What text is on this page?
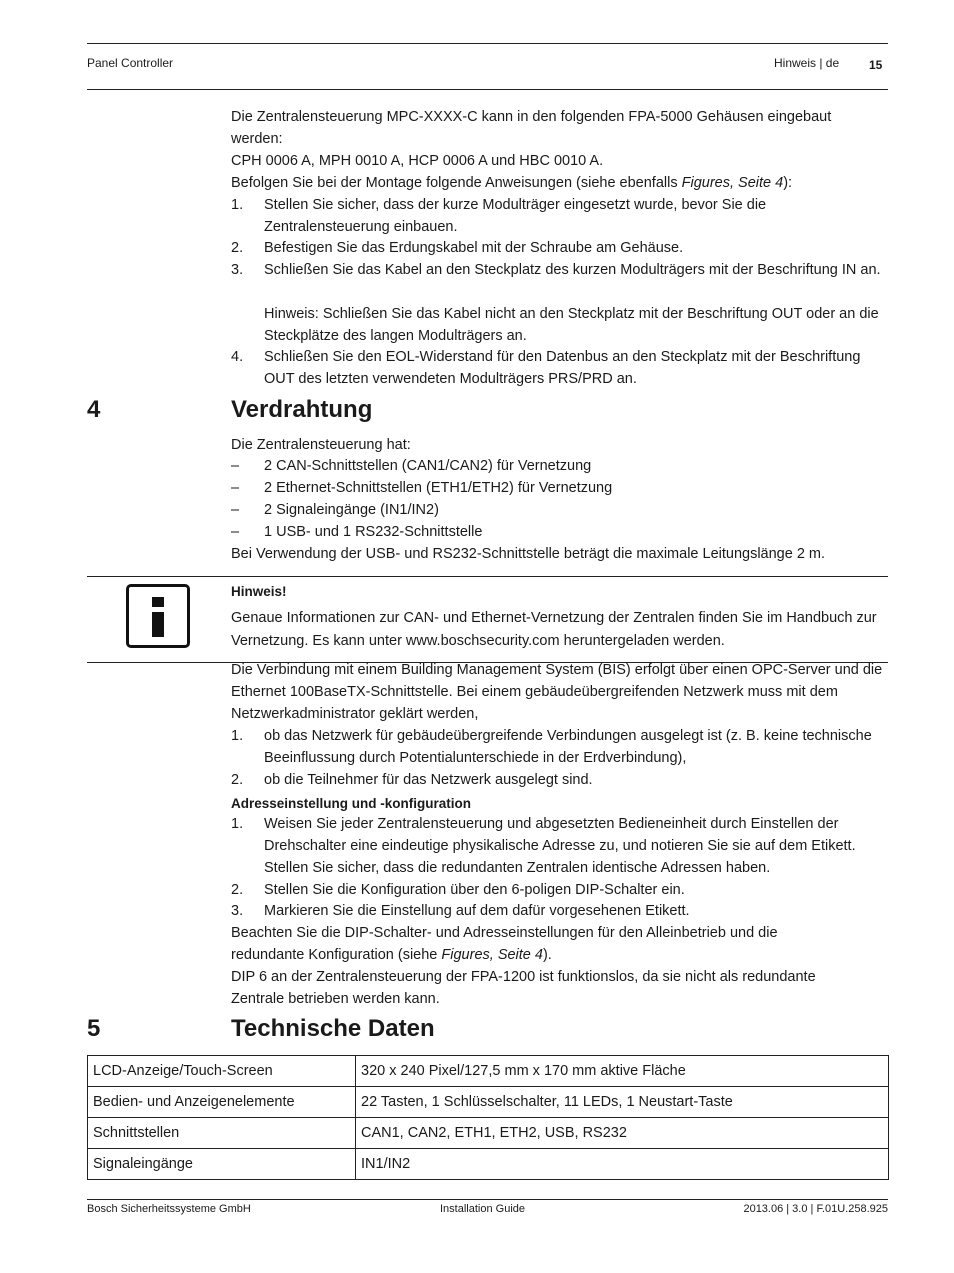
Panel Controller	Hinweis | de 15
Die Zentralensteuerung MPC-XXXX-C kann in den folgenden FPA-5000 Gehäusen eingebaut werden:
CPH 0006 A, MPH 0010 A, HCP 0006 A und HBC 0010 A.
Befolgen Sie bei der Montage folgende Anweisungen (siehe ebenfalls Figures, Seite 4):
1. Stellen Sie sicher, dass der kurze Modulträger eingesetzt wurde, bevor Sie die Zentralensteuerung einbauen.
2. Befestigen Sie das Erdungskabel mit der Schraube am Gehäuse.
3. Schließen Sie das Kabel an den Steckplatz des kurzen Modulträgers mit der Beschriftung IN an.
Hinweis: Schließen Sie das Kabel nicht an den Steckplatz mit der Beschriftung OUT oder an die Steckplätze des langen Modulträgers an.
4. Schließen Sie den EOL-Widerstand für den Datenbus an den Steckplatz mit der Beschriftung OUT des letzten verwendeten Modulträgers PRS/PRD an.
4	Verdrahtung
Die Zentralensteuerung hat:
– 2 CAN-Schnittstellen (CAN1/CAN2) für Vernetzung
– 2 Ethernet-Schnittstellen (ETH1/ETH2) für Vernetzung
– 2 Signaleingänge (IN1/IN2)
– 1 USB- und 1 RS232-Schnittstelle
Bei Verwendung der USB- und RS232-Schnittstelle beträgt die maximale Leitungslänge 2 m.
Hinweis!
Genaue Informationen zur CAN- und Ethernet-Vernetzung der Zentralen finden Sie im Handbuch zur Vernetzung. Es kann unter www.boschsecurity.com heruntergeladen werden.
Die Verbindung mit einem Building Management System (BIS) erfolgt über einen OPC-Server und die Ethernet 100BaseTX-Schnittstelle. Bei einem gebäudeübergreifenden Netzwerk muss mit dem Netzwerkadministrator geklärt werden,
1. ob das Netzwerk für gebäudeübergreifende Verbindungen ausgelegt ist (z. B. keine technische Beeinflussung durch Potentialunterschiede in der Erdverbindung),
2. ob die Teilnehmer für das Netzwerk ausgelegt sind.
Adresseinstellung und -konfiguration
1. Weisen Sie jeder Zentralensteuerung und abgesetzten Bedieneinheit durch Einstellen der Drehschalter eine eindeutige physikalische Adresse zu, und notieren Sie sie auf dem Etikett. Stellen Sie sicher, dass die redundanten Zentralen identische Adressen haben.
2. Stellen Sie die Konfiguration über den 6-poligen DIP-Schalter ein.
3. Markieren Sie die Einstellung auf dem dafür vorgesehenen Etikett.
Beachten Sie die DIP-Schalter- und Adresseinstellungen für den Alleinbetrieb und die redundante Konfiguration (siehe Figures, Seite 4).
DIP 6 an der Zentralensteuerung der FPA-1200 ist funktionslos, da sie nicht als redundante Zentrale betrieben werden kann.
5	Technische Daten
LCD-Anzeige/Touch-Screen	320 x 240 Pixel/127,5 mm x 170 mm aktive Fläche
Bedien- und Anzeigenelemente	22 Tasten, 1 Schlüsselschalter, 11 LEDs, 1 Neustart-Taste
Schnittstellen	CAN1, CAN2, ETH1, ETH2, USB, RS232
Signaleingänge	IN1/IN2
Bosch Sicherheitssysteme GmbH	Installation Guide	2013.06 | 3.0 | F.01U.258.925
